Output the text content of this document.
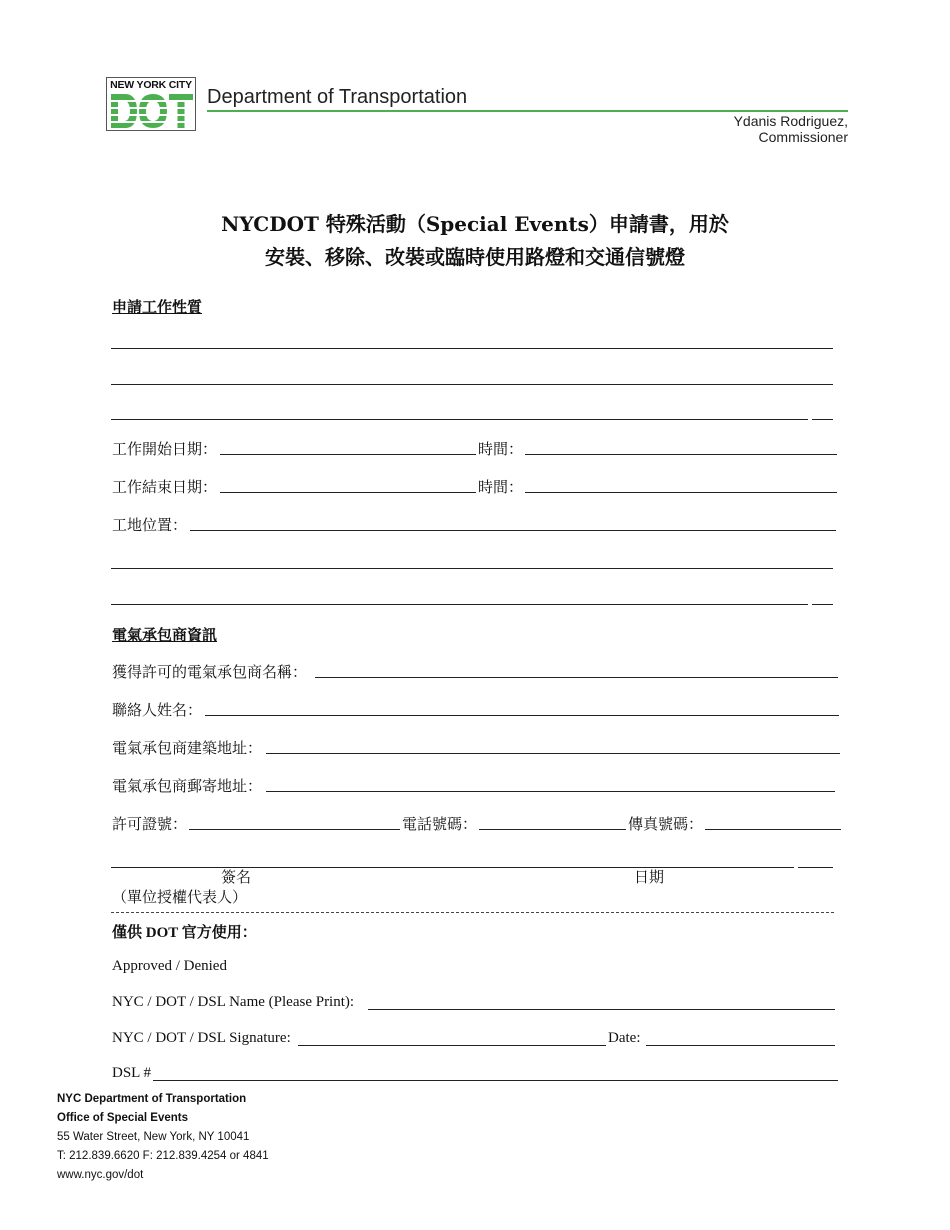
NEW YORK CITY
Department of Transportation
Ydanis Rodriguez, Commissioner
NYCDOT 特殊活動（Special Events）申請書，用於
安裝、移除、改裝或臨時使用路燈和交通信號燈
申請工作性質
工作開始日期：	時間：
工作結束日期：	時間：
工地位置：
電氣承包商資訊
獲得許可的電氣承包商名稱：
聯絡人姓名：
電氣承包商建築地址：
電氣承包商郵寄地址：
許可證號：	電話號碼：	傳真號碼：
簽名
（單位授權代表人）
日期
僅供 DOT 官方使用：
Approved / Denied
NYC / DOT / DSL Name (Please Print):
NYC / DOT / DSL Signature:	Date:
DSL #
NYC Department of Transportation
Office of Special Events
55 Water Street, New York, NY 10041
T: 212.839.6620 F: 212.839.4254 or 4841
www.nyc.gov/dot
